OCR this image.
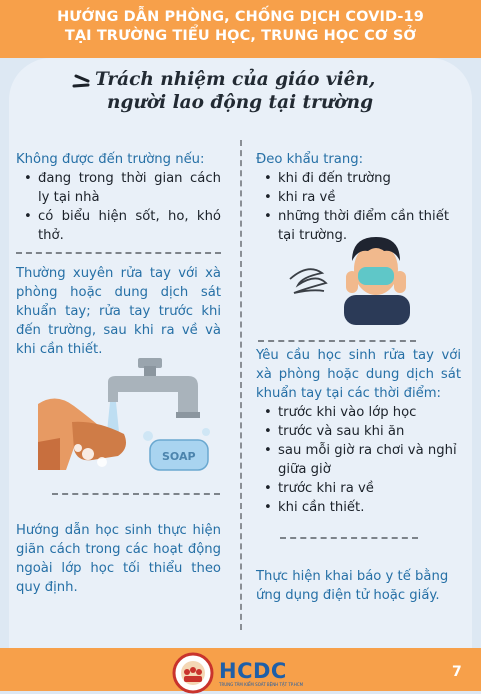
HƯỚNG DẪN PHÒNG, CHỐNG DỊCH COVID-19
TẠI TRƯỜNG TIỂU HỌC, TRUNG HỌC CƠ SỞ
Trách nhiệm của giáo viên,
người lao động tại trường
Không được đến trường nếu:
• đang trong thời gian cách ly tại nhà
• có biểu hiện sốt, ho, khó thở.
Thường xuyên rửa tay với xà phòng hoặc dung dịch sát khuẩn tay; rửa tay trước khi đến trường, sau khi ra về và khi cần thiết.
SOAP
Hướng dẫn học sinh thực hiện giãn cách trong các hoạt động ngoài lớp học tối thiểu theo quy định.
Đeo khẩu trang:
• khi đi đến trường
• khi ra về
• những thời điểm cần thiết tại trường.
Yêu cầu học sinh rửa tay với xà phòng hoặc dung dịch sát khuẩn tay tại các thời điểm:
• trước khi vào lớp học
• trước và sau khi ăn
• sau mỗi giờ ra chơi và nghỉ giữa giờ
• trước khi ra về
• khi cần thiết.
Thực hiện khai báo y tế bằng ứng dụng điện tử hoặc giấy.
HCDC
TRUNG TÂM KIỂM SOÁT BỆNH TẬT TP.HCM
7
